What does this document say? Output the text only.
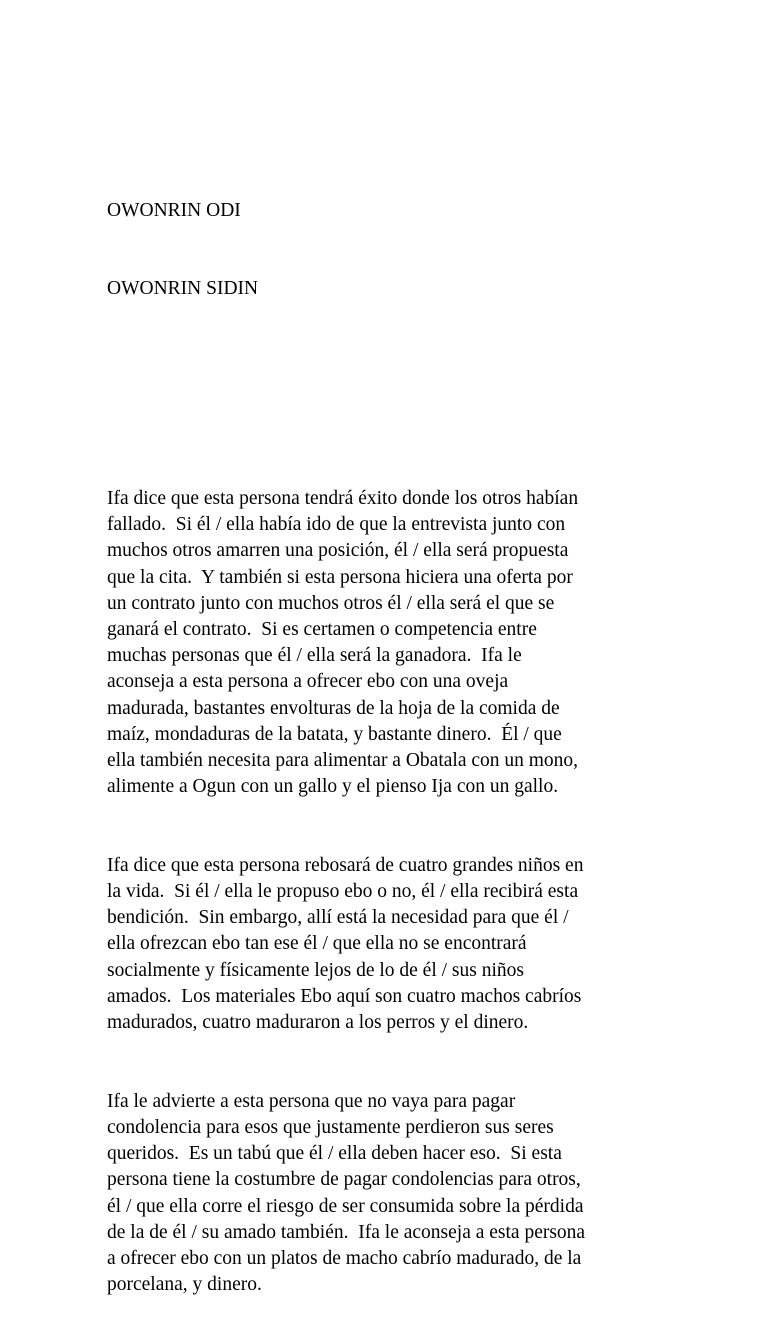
OWONRIN ODI

OWONRIN SIDIN

Ifa dice que esta persona tendrá éxito donde los otros habían
fallado.  Si él / ella había ido de que la entrevista junto con
muchos otros amarren una posición, él / ella será propuesta
que la cita.  Y también si esta persona hiciera una oferta por
un contrato junto con muchos otros él / ella será el que se
ganará el contrato.  Si es certamen o competencia entre
muchas personas que él / ella será la ganadora.  Ifa le
aconseja a esta persona a ofrecer ebo con una oveja
madurada, bastantes envolturas de la hoja de la comida de
maíz, mondaduras de la batata, y bastante dinero.  Él / que
ella también necesita para alimentar a Obatala con un mono,
alimente a Ogun con un gallo y el pienso Ija con un gallo.

Ifa dice que esta persona rebosará de cuatro grandes niños en
la vida.  Si él / ella le propuso ebo o no, él / ella recibirá esta
bendición.  Sin embargo, allí está la necesidad para que él /
ella ofrezcan ebo tan ese él / que ella no se encontrará
socialmente y físicamente lejos de lo de él / sus niños
amados.  Los materiales Ebo aquí son cuatro machos cabríos
madurados, cuatro maduraron a los perros y el dinero.

Ifa le advierte a esta persona que no vaya para pagar
condolencia para esos que justamente perdieron sus seres
queridos.  Es un tabú que él / ella deben hacer eso.  Si esta
persona tiene la costumbre de pagar condolencias para otros,
él / que ella corre el riesgo de ser consumida sobre la pérdida
de la de él / su amado también.  Ifa le aconseja a esta persona
a ofrecer ebo con un platos de macho cabrío madurado, de la
porcelana, y dinero.
